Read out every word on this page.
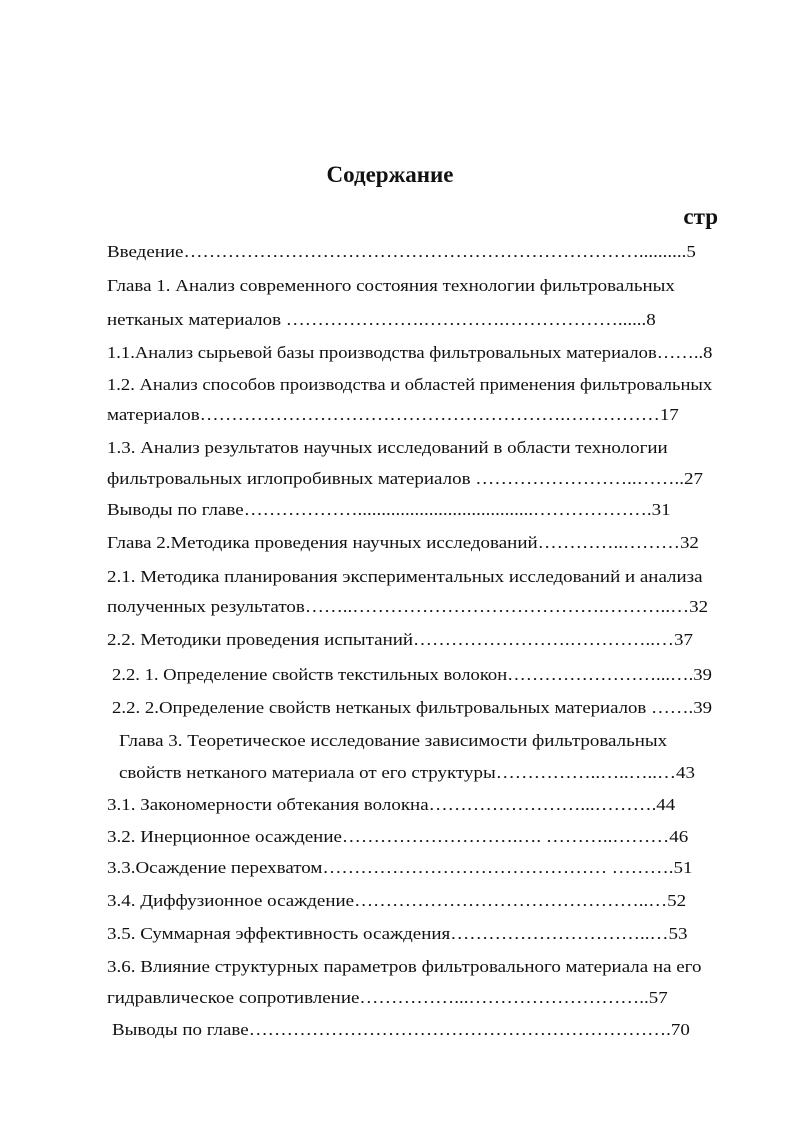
Содержание
стр
Введение………………………………………………………………..........5
Глава 1. Анализ современного состояния технологии фильтровальных
нетканых материалов ………………….………….………………......8
1.1.Анализ сырьевой базы производства фильтровальных материалов……..8
1.2. Анализ способов производства и областей применения фильтровальных
материалов………………………………………………….……………17
1.3. Анализ результатов научных исследований в области технологии
фильтровальных иглопробивных материалов ……………………..……..27
Выводы по главе……………….....................................……………….31
Глава 2.Методика проведения научных исследований…………..………32
2.1. Методика планирования экспериментальных исследований и анализа
полученных результатов……..………………………………….………..…32
2.2. Методики проведения испытаний…………………….…………..…37
2.2. 1. Определение свойств текстильных волокон……………………...….39
2.2. 2.Определение свойств нетканых фильтровальных материалов …….39
Глава 3. Теоретическое исследование зависимости фильтровальных
свойств нетканого материала от его структуры……………..…..…..…43
3.1. Закономерности обтекания волокна……………………...……….44
3.2. Инерционное осаждение……………………….…. ………..………46
3.3.Осаждение перехватом……………………………………… ……….51
3.4. Диффузионное осаждение………………………………………..…52
3.5. Суммарная эффективность осаждения…………………………..…53
3.6. Влияние структурных параметров фильтровального материала на его
гидравлическое сопротивление……………...………………………..57
Выводы по главе………………………………………………………….70
